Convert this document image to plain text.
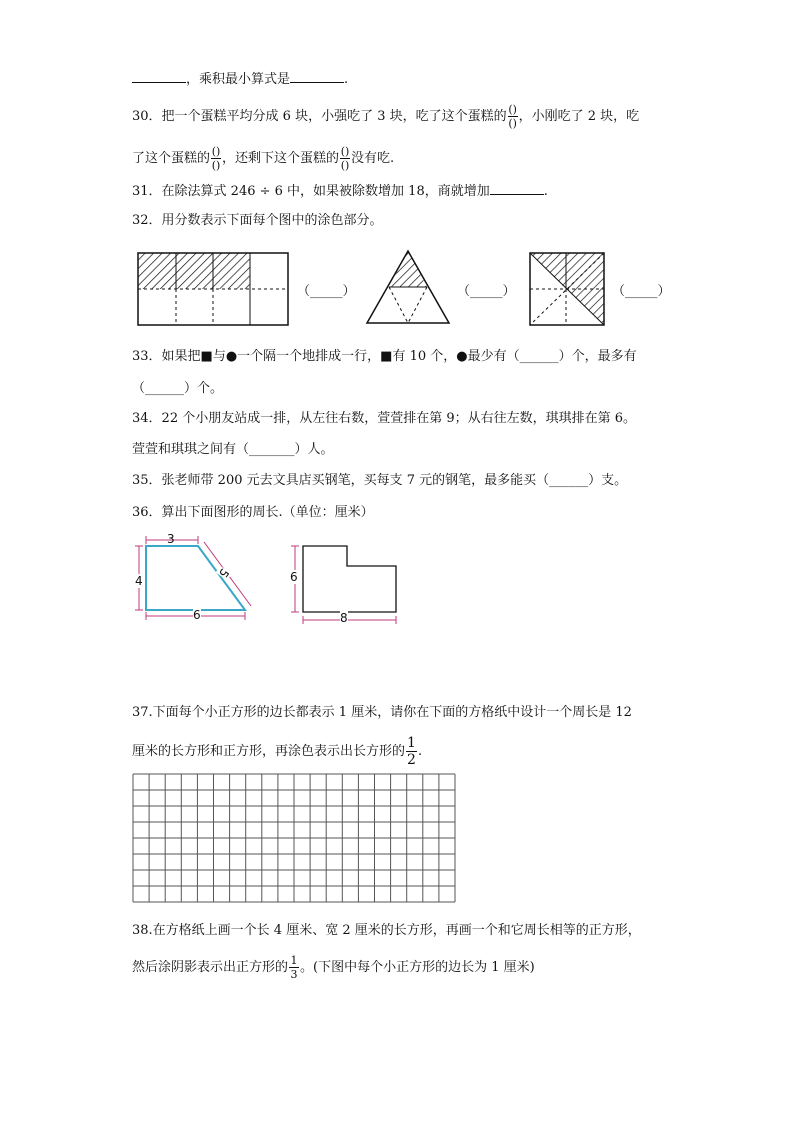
，乘积最小算式是	.
30．把一个蛋糕平均分成 6 块，小强吃了 3 块，吃了这个蛋糕的 $\frac{()}{()}$ ，小刚吃了 2 块，吃
了这个蛋糕的 $\frac{()}{()}$ ，还剩下这个蛋糕的 $\frac{()}{()}$ 没有吃.
31．在除法算式 246 ÷ 6 中，如果被除数增加 18，商就增加	.
32．用分数表示下面每个图中的涂色部分。
（_____）	（_____）	（_____）
33．如果把■与●一个隔一个地排成一行，■有 10 个，●最少有（______）个，最多有
（______）个。
34．22 个小朋友站成一排，从左往右数，萱萱排在第 9；从右往左数，琪琪排在第 6。
萱萱和琪琪之间有（_______）人。
35．张老师带 200 元去文具店买钢笔，买每支 7 元的钢笔，最多能买（______）支。
36．算出下面图形的周长.（单位：厘米）
3
4
5
6
6
8
37.下面每个小正方形的边长都表示 1 厘米，请你在下面的方格纸中设计一个周长是 12
厘米的长方形和正方形，再涂色表示出长方形的 $\frac{1}{2}$ .
38.在方格纸上画一个长 4 厘米、宽 2 厘米的长方形，再画一个和它周长相等的正方形，
然后涂阴影表示出正方形的 $\frac{1}{3}$ 。(下图中每个小正方形的边长为 1 厘米)
